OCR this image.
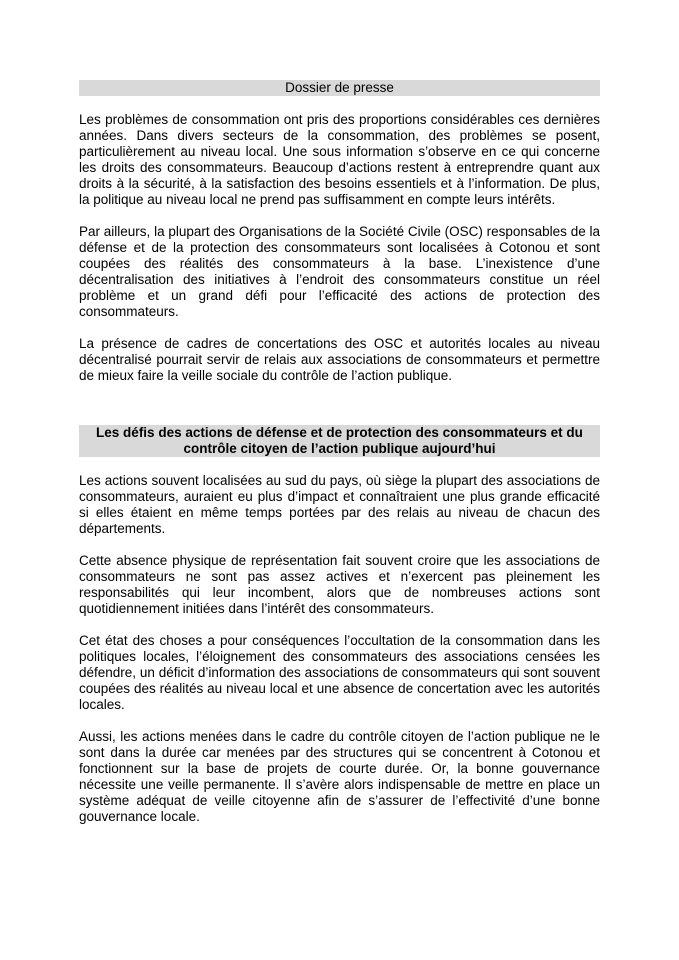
Dossier de presse

Les problèmes de consommation ont pris des proportions considérables ces dernières années. Dans divers secteurs de la consommation, des problèmes se posent, particulièrement au niveau local. Une sous information s’observe en ce qui concerne les droits des consommateurs. Beaucoup d’actions restent à entreprendre quant aux droits à la sécurité, à la satisfaction des besoins essentiels et à l’information. De plus, la politique au niveau local ne prend pas suffisamment en compte leurs intérêts.

Par ailleurs, la plupart des Organisations de la Société Civile (OSC) responsables de la défense et de la protection des consommateurs sont localisées à Cotonou et sont coupées des réalités des consommateurs à la base. L’inexistence d’une décentralisation des initiatives à l’endroit des consommateurs constitue un réel problème et un grand défi pour l’efficacité des actions de protection des consommateurs.

La présence de cadres de concertations des OSC et autorités locales au niveau décentralisé pourrait servir de relais aux associations de consommateurs et permettre de mieux faire la veille sociale du contrôle de l’action publique.

Les défis des actions de défense et de protection des consommateurs et du contrôle citoyen de l’action publique aujourd’hui

Les actions souvent localisées au sud du pays, où siège la plupart des associations de consommateurs, auraient eu plus d’impact et connaîtraient une plus grande efficacité si elles étaient en même temps portées par des relais au niveau de chacun des départements.

Cette absence physique de représentation fait souvent croire que les associations de consommateurs ne sont pas assez actives et n’exercent pas pleinement les responsabilités qui leur incombent, alors que de nombreuses actions sont quotidiennement initiées dans l’intérêt des consommateurs.

Cet état des choses a pour conséquences l’occultation de la consommation dans les politiques locales, l’éloignement des consommateurs des associations censées les défendre, un déficit d’information des associations de consommateurs qui sont souvent coupées des réalités au niveau local et une absence de concertation avec les autorités locales.

Aussi, les actions menées dans le cadre du contrôle citoyen de l’action publique ne le sont dans la durée car menées par des structures qui se concentrent à Cotonou et fonctionnent sur la base de projets de courte durée. Or, la bonne gouvernance nécessite une veille permanente. Il s’avère alors indispensable de mettre en place un système adéquat de veille citoyenne afin de s’assurer de l’effectivité d’une bonne gouvernance locale.
